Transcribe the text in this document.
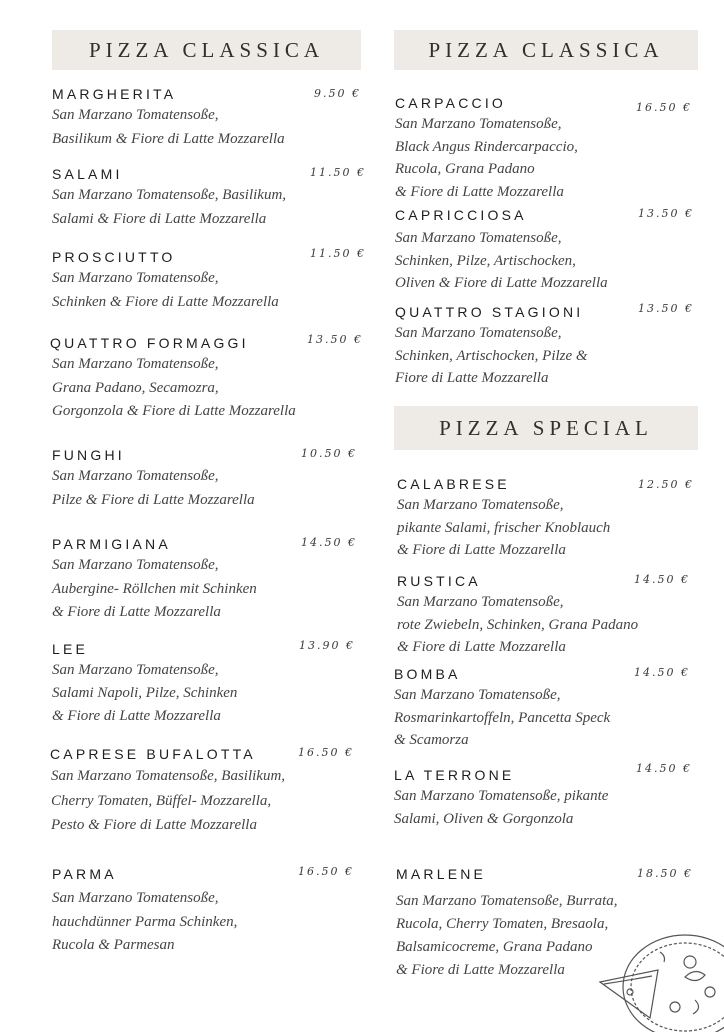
PIZZA CLASSICA
MARGHERITA	9.50 €
San Marzano Tomatensoße,
Basilikum & Fiore di Latte Mozzarella
SALAMI	11.50 €
San Marzano Tomatensoße, Basilikum,
Salami & Fiore di Latte Mozzarella
PROSCIUTTO	11.50 €
San Marzano Tomatensoße,
Schinken & Fiore di Latte Mozzarella
QUATTRO FORMAGGI	13.50 €
San Marzano Tomatensoße,
Grana Padano, Secamozra,
Gorgonzola & Fiore di Latte Mozzarella
FUNGHI	10.50 €
San Marzano Tomatensoße,
Pilze & Fiore di Latte Mozzarella
PARMIGIANA	14.50 €
San Marzano Tomatensoße,
Aubergine- Röllchen mit Schinken
& Fiore di Latte Mozzarella
LEE	13.90 €
San Marzano Tomatensoße,
Salami Napoli, Pilze, Schinken
& Fiore di Latte Mozzarella
CAPRESE BUFALOTTA	16.50 €
San Marzano Tomatensoße, Basilikum,
Cherry Tomaten, Büffel- Mozzarella,
Pesto & Fiore di Latte Mozzarella
PARMA	16.50 €
San Marzano Tomatensoße,
hauchdünner Parma Schinken,
Rucola & Parmesan
PIZZA CLASSICA
CARPACCIO	16.50 €
San Marzano Tomatensoße,
Black Angus Rindercarpaccio,
Rucola, Grana Padano
& Fiore di Latte Mozzarella
CAPRICCIOSA	13.50 €
San Marzano Tomatensoße,
Schinken, Pilze, Artischocken,
Oliven & Fiore di Latte Mozzarella
QUATTRO STAGIONI	13.50 €
San Marzano Tomatensoße,
Schinken, Artischocken, Pilze &
Fiore di Latte Mozzarella
PIZZA SPECIAL
CALABRESE	12.50 €
San Marzano Tomatensoße,
pikante Salami, frischer Knoblauch
& Fiore di Latte Mozzarella
RUSTICA	14.50 €
San Marzano Tomatensoße,
rote Zwiebeln, Schinken, Grana Padano
& Fiore di Latte Mozzarella
BOMBA	14.50 €
San Marzano Tomatensoße,
Rosmarinkartoffeln, Pancetta Speck
& Scamorza
LA TERRONE	14.50 €
San Marzano Tomatensoße, pikante
Salami, Oliven & Gorgonzola
MARLENE	18.50 €
San Marzano Tomatensoße, Burrata,
Rucola, Cherry Tomaten, Bresaola,
Balsamicocreme, Grana Padano
& Fiore di Latte Mozzarella
